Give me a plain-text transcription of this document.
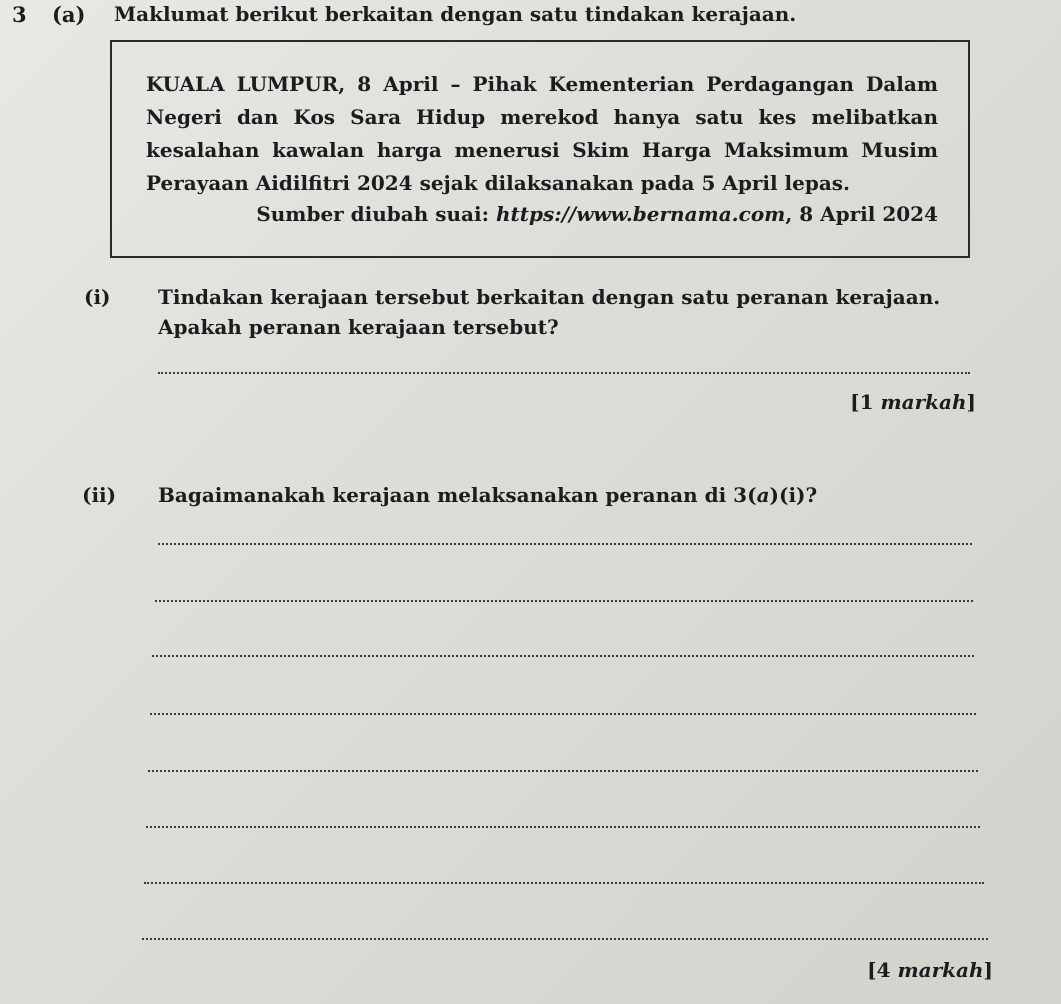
3 (a) Maklumat berikut berkaitan dengan satu tindakan kerajaan.

KUALA LUMPUR, 8 April – Pihak Kementerian Perdagangan Dalam Negeri dan Kos Sara Hidup merekod hanya satu kes melibatkan kesalahan kawalan harga menerusi Skim Harga Maksimum Musim Perayaan Aidilfitri 2024 sejak dilaksanakan pada 5 April lepas.

Sumber diubah suai: https://www.bernama.com, 8 April 2024
(i) Tindakan kerajaan tersebut berkaitan dengan satu peranan kerajaan.
Apakah peranan kerajaan tersebut?
[1 markah]
(ii) Bagaimanakah kerajaan melaksanakan peranan di 3(a)(i)?
[4 markah]
